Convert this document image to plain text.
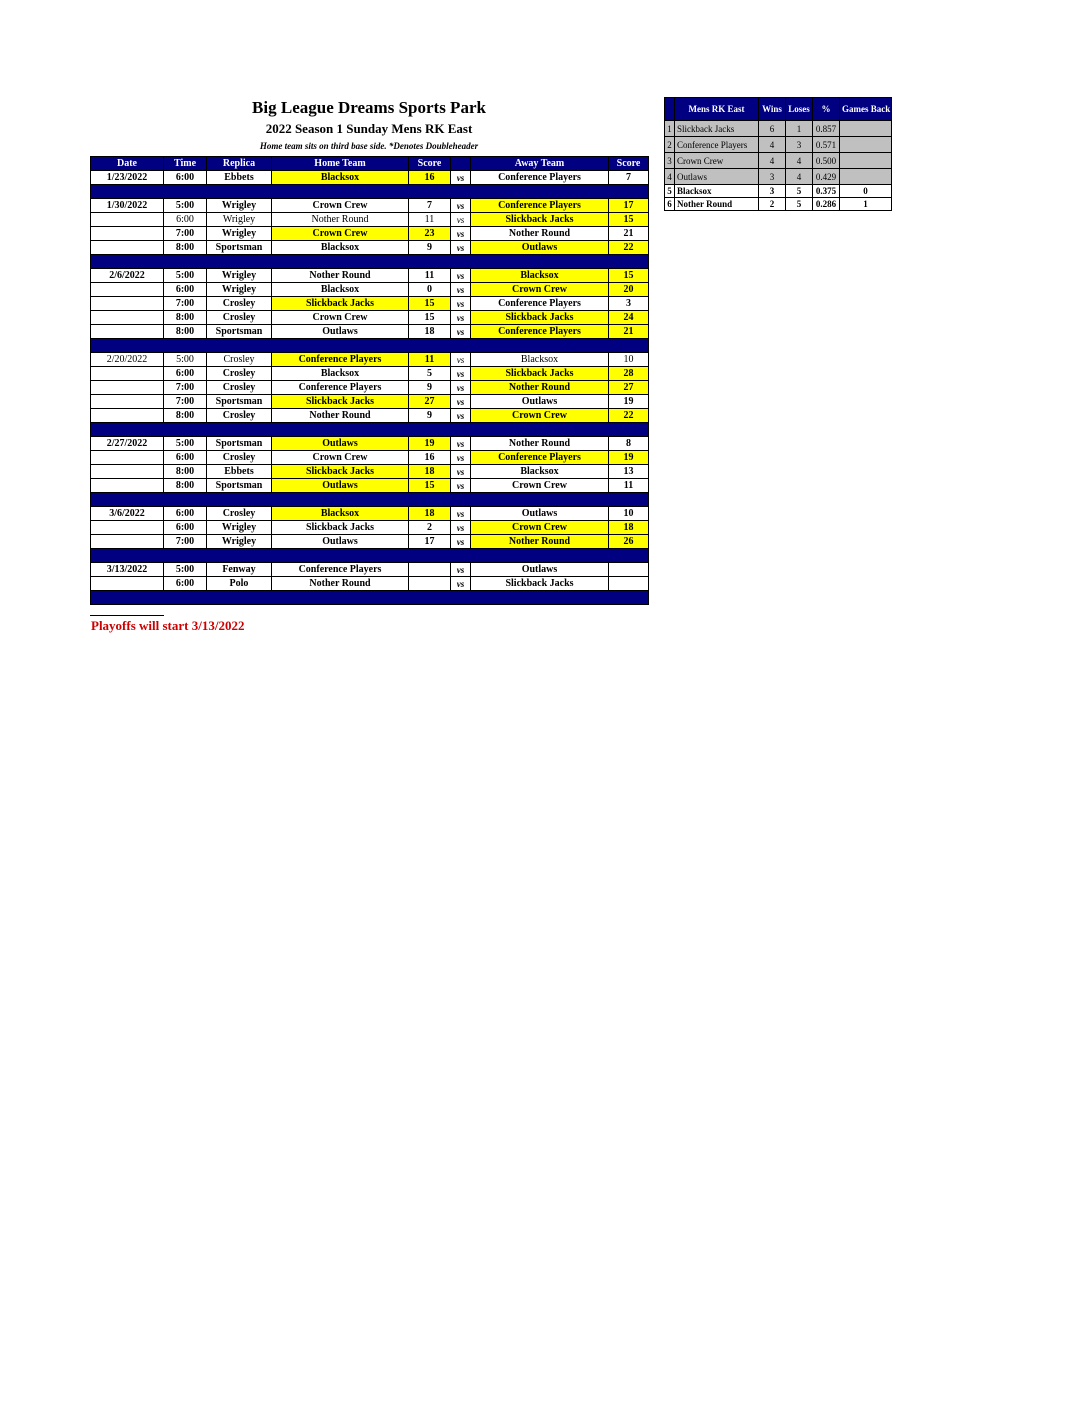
Big League Dreams Sports Park
2022 Season 1 Sunday Mens RK East
Home team sits on third base side. *Denotes Doubleheader
Date	Time	Replica	Home Team	Score		Away Team	Score
1/23/2022	6:00	Ebbets	Blacksox	16	vs	Conference Players	7

1/30/2022	5:00	Wrigley	Crown Crew	7	vs	Conference Players	17
	6:00	Wrigley	Nother Round	11	vs	Slickback Jacks	15
	7:00	Wrigley	Crown Crew	23	vs	Nother Round	21
	8:00	Sportsman	Blacksox	9	vs	Outlaws	22

2/6/2022	5:00	Wrigley	Nother Round	11	vs	Blacksox	15
	6:00	Wrigley	Blacksox	0	vs	Crown Crew	20
	7:00	Crosley	Slickback Jacks	15	vs	Conference Players	3
	8:00	Crosley	Crown Crew	15	vs	Slickback Jacks	24
	8:00	Sportsman	Outlaws	18	vs	Conference Players	21

2/20/2022	5:00	Crosley	Conference Players	11	vs	Blacksox	10
	6:00	Crosley	Blacksox	5	vs	Slickback Jacks	28
	7:00	Crosley	Conference Players	9	vs	Nother Round	27
	7:00	Sportsman	Slickback Jacks	27	vs	Outlaws	19
	8:00	Crosley	Nother Round	9	vs	Crown Crew	22

2/27/2022	5:00	Sportsman	Outlaws	19	vs	Nother Round	8
	6:00	Crosley	Crown Crew	16	vs	Conference Players	19
	8:00	Ebbets	Slickback Jacks	18	vs	Blacksox	13
	8:00	Sportsman	Outlaws	15	vs	Crown Crew	11

3/6/2022	6:00	Crosley	Blacksox	18	vs	Outlaws	10
	6:00	Wrigley	Slickback Jacks	2	vs	Crown Crew	18
	7:00	Wrigley	Outlaws	17	vs	Nother Round	26

3/13/2022	5:00	Fenway	Conference Players		vs	Outlaws	
	6:00	Polo	Nother Round		vs	Slickback Jacks	

	Mens RK East	Wins	Loses	%	Games Back
1	Slickback Jacks	6	1	0.857	
2	Conference Players	4	3	0.571	
3	Crown Crew	4	4	0.500	
4	Outlaws	3	4	0.429	
5	Blacksox	3	5	0.375	0
6	Nother Round	2	5	0.286	1
Playoffs will start 3/13/2022
